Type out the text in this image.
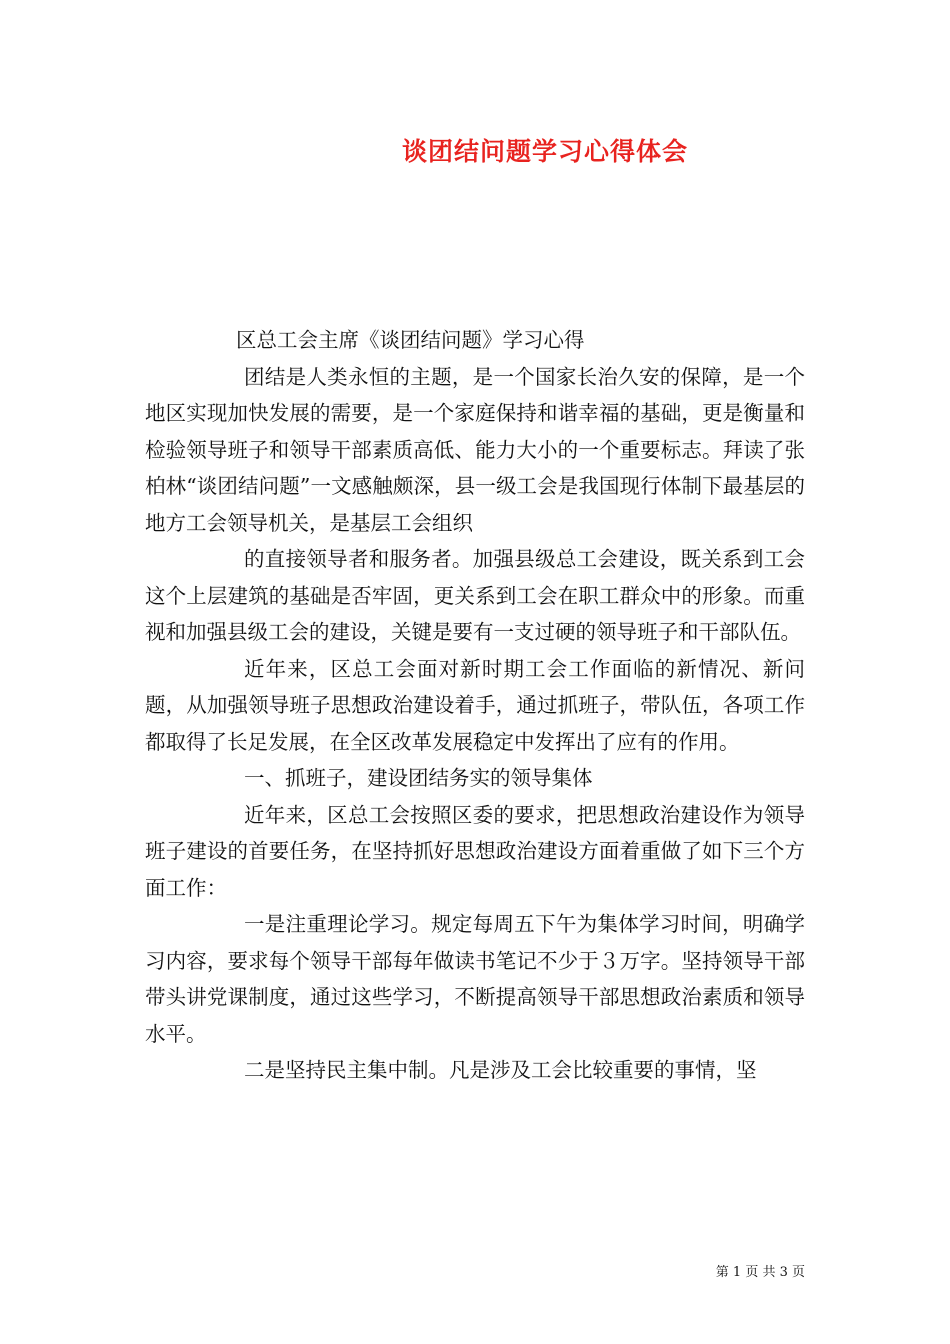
谈团结问题学习心得体会

区总工会主席《谈团结问题》学习心得

团结是人类永恒的主题，是一个国家长治久安的保障，是一个地区实现加快发展的需要，是一个家庭保持和谐幸福的基础，更是衡量和检验领导班子和领导干部素质高低、能力大小的一个重要标志。拜读了张柏林“谈团结问题”一文感触颇深，县一级工会是我国现行体制下最基层的地方工会领导机关，是基层工会组织

的直接领导者和服务者。加强县级总工会建设，既关系到工会这个上层建筑的基础是否牢固，更关系到工会在职工群众中的形象。而重视和加强县级工会的建设，关键是要有一支过硬的领导班子和干部队伍。

近年来，区总工会面对新时期工会工作面临的新情况、新问题，从加强领导班子思想政治建设着手，通过抓班子，带队伍，各项工作都取得了长足发展，在全区改革发展稳定中发挥出了应有的作用。

一、抓班子，建设团结务实的领导集体

近年来，区总工会按照区委的要求，把思想政治建设作为领导班子建设的首要任务，在坚持抓好思想政治建设方面着重做了如下三个方面工作：

一是注重理论学习。规定每周五下午为集体学习时间，明确学习内容，要求每个领导干部每年做读书笔记不少于３万字。坚持领导干部带头讲党课制度，通过这些学习，不断提高领导干部思想政治素质和领导水平。

二是坚持民主集中制。凡是涉及工会比较重要的事情，坚

第 1 页 共 3 页
